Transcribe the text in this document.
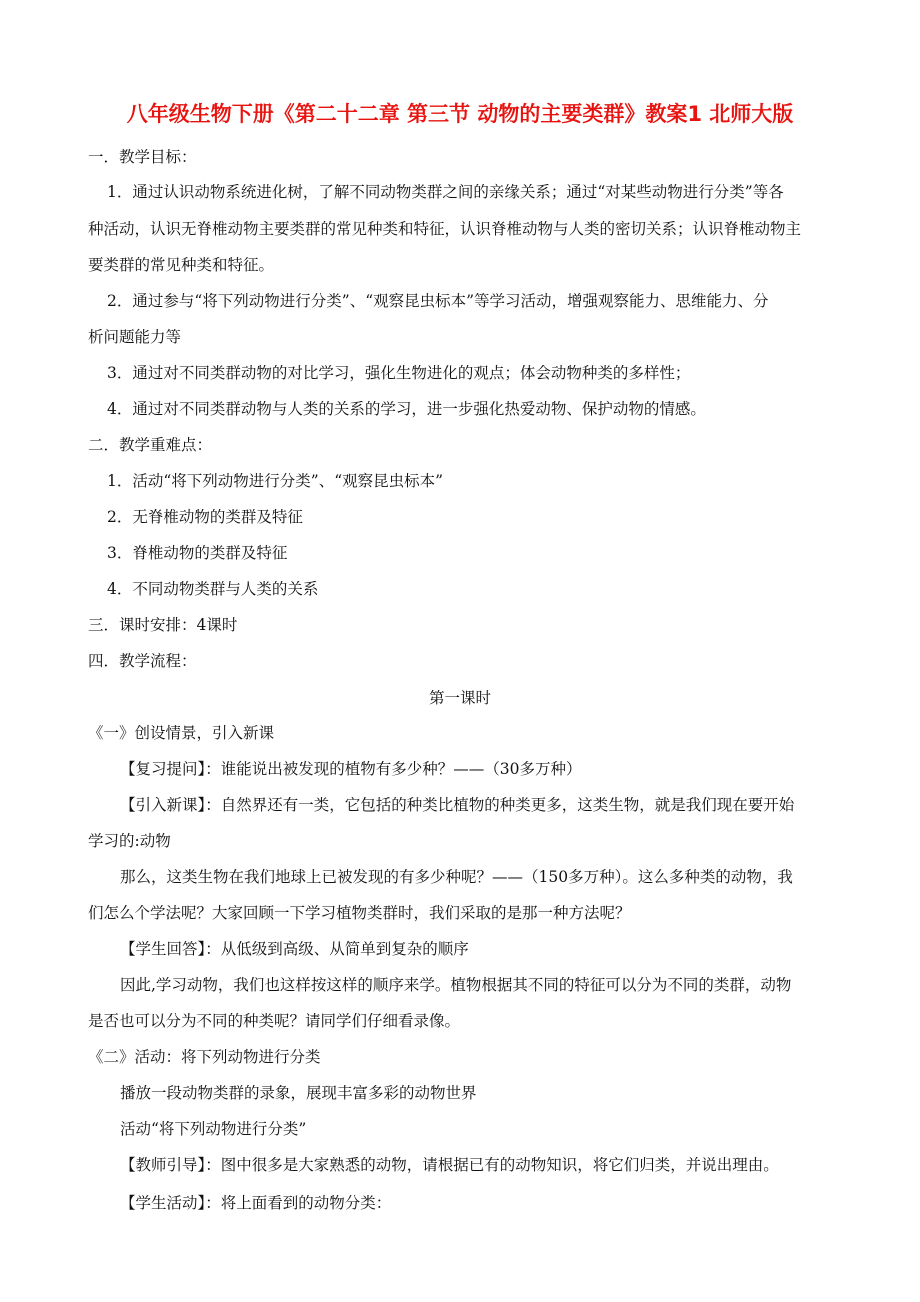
八年级生物下册《第二十二章 第三节 动物的主要类群》教案1 北师大版
一．教学目标：
1．通过认识动物系统进化树，了解不同动物类群之间的亲缘关系；通过“对某些动物进行分类”等各
种活动，认识无脊椎动物主要类群的常见种类和特征，认识脊椎动物与人类的密切关系；认识脊椎动物主
要类群的常见种类和特征。
2．通过参与“将下列动物进行分类”、“观察昆虫标本”等学习活动，增强观察能力、思维能力、分
析问题能力等
3．通过对不同类群动物的对比学习，强化生物进化的观点；体会动物种类的多样性；
4．通过对不同类群动物与人类的关系的学习，进一步强化热爱动物、保护动物的情感。
二．教学重难点：
1．活动“将下列动物进行分类”、“观察昆虫标本”
2．无脊椎动物的类群及特征
3．脊椎动物的类群及特征
4．不同动物类群与人类的关系
三．课时安排：4课时
四．教学流程：
第一课时
《一》创设情景，引入新课
【复习提问】：谁能说出被发现的植物有多少种？——（30多万种）
【引入新课】：自然界还有一类，它包括的种类比植物的种类更多，这类生物，就是我们现在要开始
学习的:动物
那么，这类生物在我们地球上已被发现的有多少种呢？——（150多万种）。这么多种类的动物，我
们怎么个学法呢？大家回顾一下学习植物类群时，我们采取的是那一种方法呢？
【学生回答】：从低级到高级、从简单到复杂的顺序
因此,学习动物，我们也这样按这样的顺序来学。植物根据其不同的特征可以分为不同的类群，动物
是否也可以分为不同的种类呢？请同学们仔细看录像。
《二》活动：将下列动物进行分类
播放一段动物类群的录象，展现丰富多彩的动物世界
活动“将下列动物进行分类”
【教师引导】：图中很多是大家熟悉的动物，请根据已有的动物知识，将它们归类，并说出理由。
【学生活动】：将上面看到的动物分类：
